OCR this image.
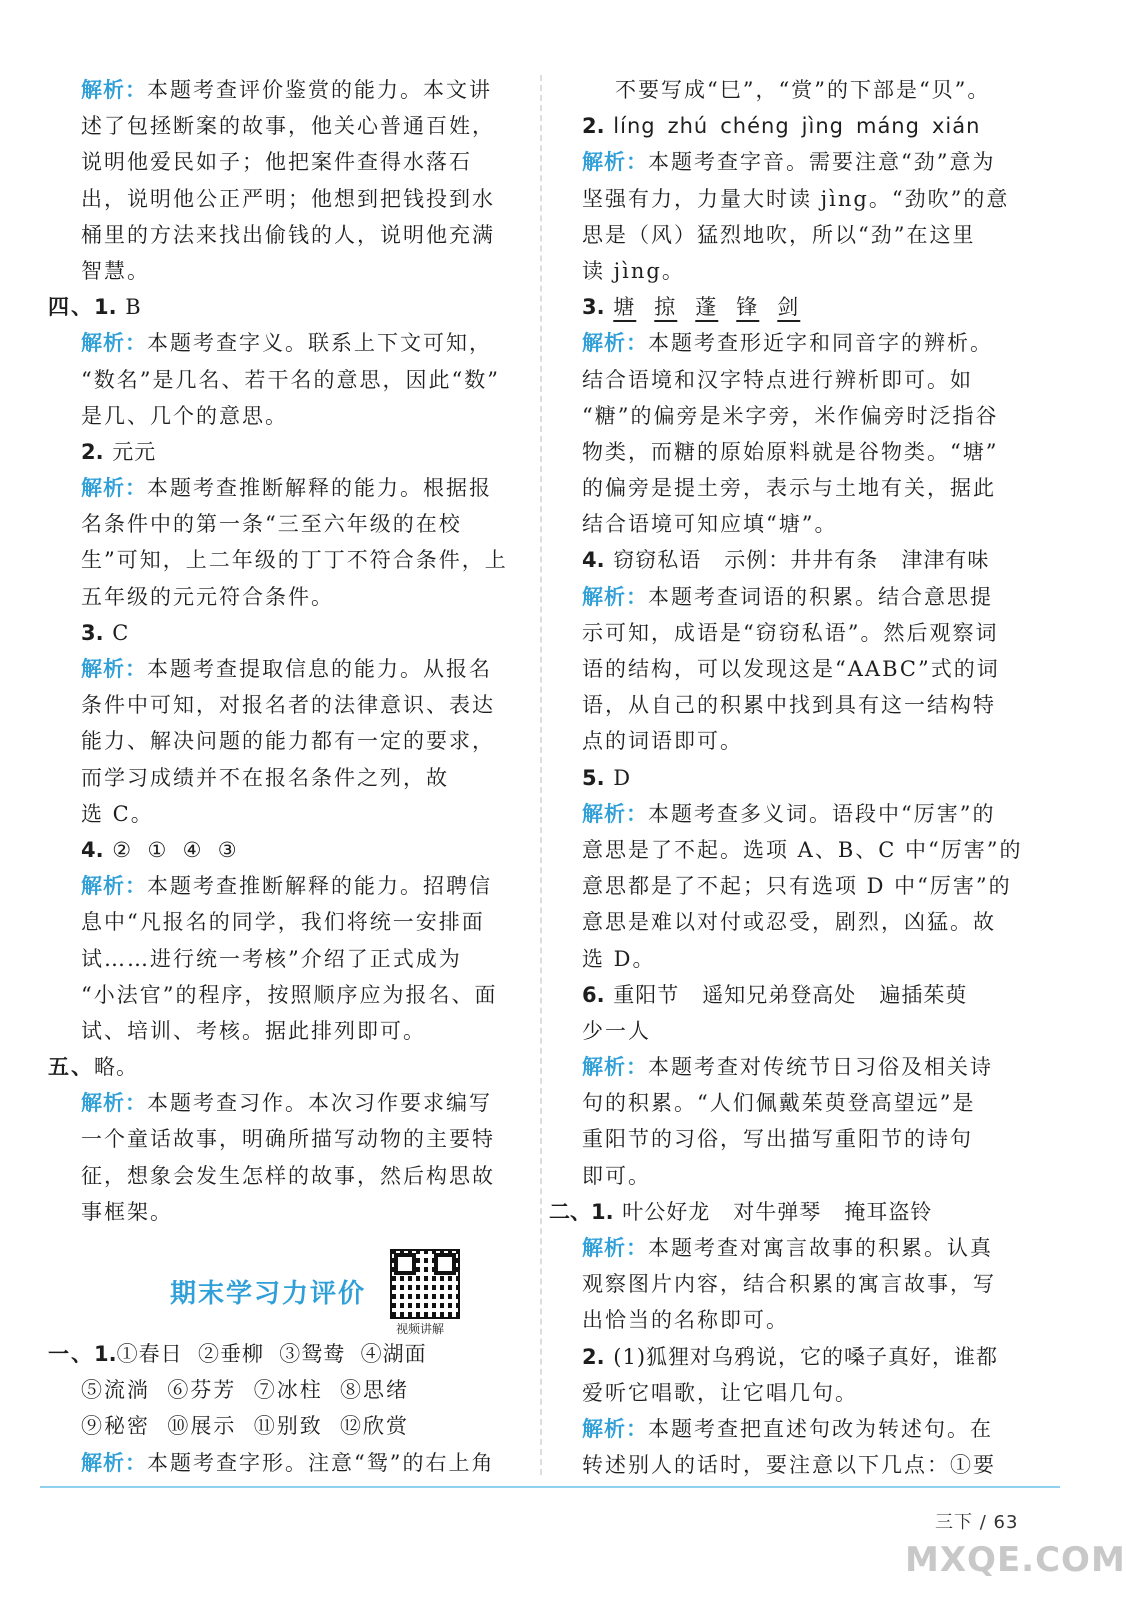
解析：本题考查评价鉴赏的能力。本文讲
述了包拯断案的故事，他关心普通百姓，
说明他爱民如子；他把案件查得水落石
出，说明他公正严明；他想到把钱投到水
桶里的方法来找出偷钱的人，说明他充满
智慧。
四、1. B
解析：本题考查字义。联系上下文可知，
“数名”是几名、若干名的意思，因此“数”
是几、几个的意思。
2. 元元
解析：本题考查推断解释的能力。根据报
名条件中的第一条“三至六年级的在校
生”可知，上二年级的丁丁不符合条件，上
五年级的元元符合条件。
3. C
解析：本题考查提取信息的能力。从报名
条件中可知，对报名者的法律意识、表达
能力、解决问题的能力都有一定的要求，
而学习成绩并不在报名条件之列，故
选 C。
4. ②  ①  ④  ③
解析：本题考查推断解释的能力。招聘信
息中“凡报名的同学，我们将统一安排面
试……进行统一考核”介绍了正式成为
“小法官”的程序，按照顺序应为报名、面
试、培训、考核。据此排列即可。
五、略。
解析：本题考查习作。本次习作要求编写
一个童话故事，明确所描写动物的主要特
征，想象会发生怎样的故事，然后构思故
事框架。
期末学习力评价
视频讲解
一、1.①春日  ②垂柳  ③鸳鸯  ④湖面
⑤流淌  ⑥芬芳  ⑦冰柱  ⑧思绪
⑨秘密  ⑩展示  ⑪别致  ⑫欣赏
解析：本题考查字形。注意“鸳”的右上角
不要写成“巳”，“赏”的下部是“贝”。
2. líng zhú chéng jìng máng xián
解析：本题考查字音。需要注意“劲”意为
坚强有力，力量大时读 jìng。“劲吹”的意
思是（风）猛烈地吹，所以“劲”在这里
读 jìng。
3. 塘 掠 蓬 锋 剑
解析：本题考查形近字和同音字的辨析。
结合语境和汉字特点进行辨析即可。如
“糖”的偏旁是米字旁，米作偏旁时泛指谷
物类，而糖的原始原料就是谷物类。“塘”
的偏旁是提土旁，表示与土地有关，据此
结合语境可知应填“塘”。
4. 窃窃私语   示例：井井有条   津津有味
解析：本题考查词语的积累。结合意思提
示可知，成语是“窃窃私语”。然后观察词
语的结构，可以发现这是“AABC”式的词
语，从自己的积累中找到具有这一结构特
点的词语即可。
5. D
解析：本题考查多义词。语段中“厉害”的
意思是了不起。选项 A、B、C 中“厉害”的
意思都是了不起；只有选项 D 中“厉害”的
意思是难以对付或忍受，剧烈，凶猛。故
选 D。
6. 重阳节   遥知兄弟登高处   遍插茱萸
少一人
解析：本题考查对传统节日习俗及相关诗
句的积累。“人们佩戴茱萸登高望远”是
重阳节的习俗，写出描写重阳节的诗句
即可。
二、1. 叶公好龙   对牛弹琴   掩耳盗铃
解析：本题考查对寓言故事的积累。认真
观察图片内容，结合积累的寓言故事，写
出恰当的名称即可。
2. (1)狐狸对乌鸦说，它的嗓子真好，谁都
爱听它唱歌，让它唱几句。
解析：本题考查把直述句改为转述句。在
转述别人的话时，要注意以下几点：①要
三下 / 63
MXQE.COM
